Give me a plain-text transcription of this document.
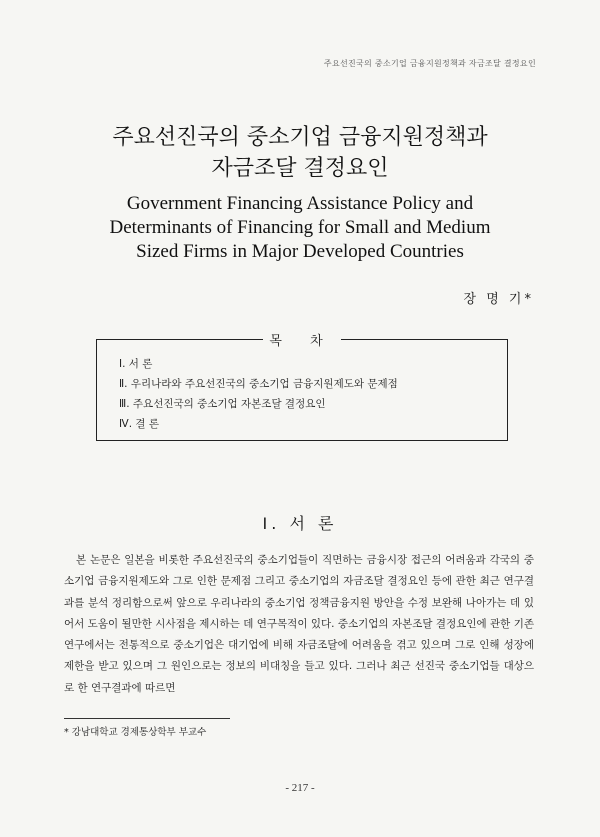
주요선진국의 중소기업 금융지원정책과 자금조달 결정요인
주요선진국의 중소기업 금융지원정책과
자금조달 결정요인
Government Financing Assistance Policy and
Determinants of Financing for Small and Medium
Sized Firms in Major Developed Countries
장 명 기*
목 차
Ⅰ. 서 론
Ⅱ. 우리나라와 주요선진국의 중소기업 금융지원제도와 문제점
Ⅲ. 주요선진국의 중소기업 자본조달 결정요인
Ⅳ. 결 론
Ⅰ. 서 론

본 논문은 일본을 비롯한 주요선진국의 중소기업들이 직면하는 금융시장 접근의 어려움과 각국의 중소기업 금융지원제도와 그로 인한 문제점 그리고 중소기업의 자금조달 결정요인 등에 관한 최근 연구결과를 분석 정리함으로써 앞으로 우리나라의 중소기업 정책금융지원 방안을 수정 보완해 나아가는 데 있어서 도움이 될만한 시사점을 제시하는 데 연구목적이 있다. 중소기업의 자본조달 결정요인에 관한 기존연구에서는 전통적으로 중소기업은 대기업에 비해 자금조달에 어려움을 겪고 있으며 그로 인해 성장에 제한을 받고 있으며 그 원인으로는 정보의 비대칭을 들고 있다. 그러나 최근 선진국 중소기업들 대상으로 한 연구결과에 따르면

* 강남대학교 경제통상학부 부교수
- 217 -
